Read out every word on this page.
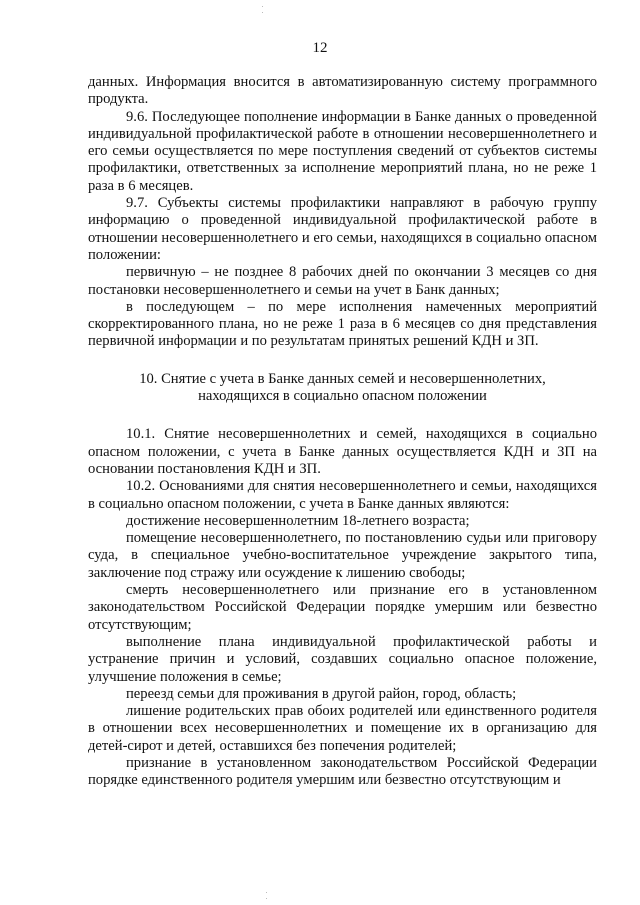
12

данных. Информация вносится в автоматизированную систему программного продукта.

9.6. Последующее пополнение информации в Банке данных о проведенной индивидуальной профилактической работе в отношении несовершеннолетнего и его семьи осуществляется по мере поступления сведений от субъектов системы профилактики, ответственных за исполнение мероприятий плана, но не реже 1 раза в 6 месяцев.

9.7. Субъекты системы профилактики направляют в рабочую группу информацию о проведенной индивидуальной профилактической работе в отношении несовершеннолетнего и его семьи, находящихся в социально опасном положении:

первичную – не позднее 8 рабочих дней по окончании 3 месяцев со дня постановки несовершеннолетнего и семьи на учет в Банк данных;

в последующем – по мере исполнения намеченных мероприятий скорректированного плана, но не реже 1 раза в 6 месяцев со дня представления первичной информации и по результатам принятых решений КДН и ЗП.

10. Снятие с учета в Банке данных семей и несовершеннолетних,
находящихся в социально опасном положении

10.1. Снятие несовершеннолетних и семей, находящихся в социально опасном положении, с учета в Банке данных осуществляется КДН и ЗП на основании постановления КДН и ЗП.

10.2. Основаниями для снятия несовершеннолетнего и семьи, находящихся в социально опасном положении, с учета в Банке данных являются:

достижение несовершеннолетним 18-летнего возраста;

помещение несовершеннолетнего, по постановлению судьи или приговору суда, в специальное учебно-воспитательное учреждение закрытого типа, заключение под стражу или осуждение к лишению свободы;

смерть несовершеннолетнего или признание его в установленном законодательством Российской Федерации порядке умершим или безвестно отсутствующим;

выполнение плана индивидуальной профилактической работы и устранение причин и условий, создавших социально опасное положение, улучшение положения в семье;

переезд семьи для проживания в другой район, город, область;

лишение родительских прав обоих родителей или единственного родителя в отношении всех несовершеннолетних и помещение их в организацию для детей-сирот и детей, оставшихся без попечения родителей;

признание в установленном законодательством Российской Федерации порядке единственного родителя умершим или безвестно отсутствующим и
